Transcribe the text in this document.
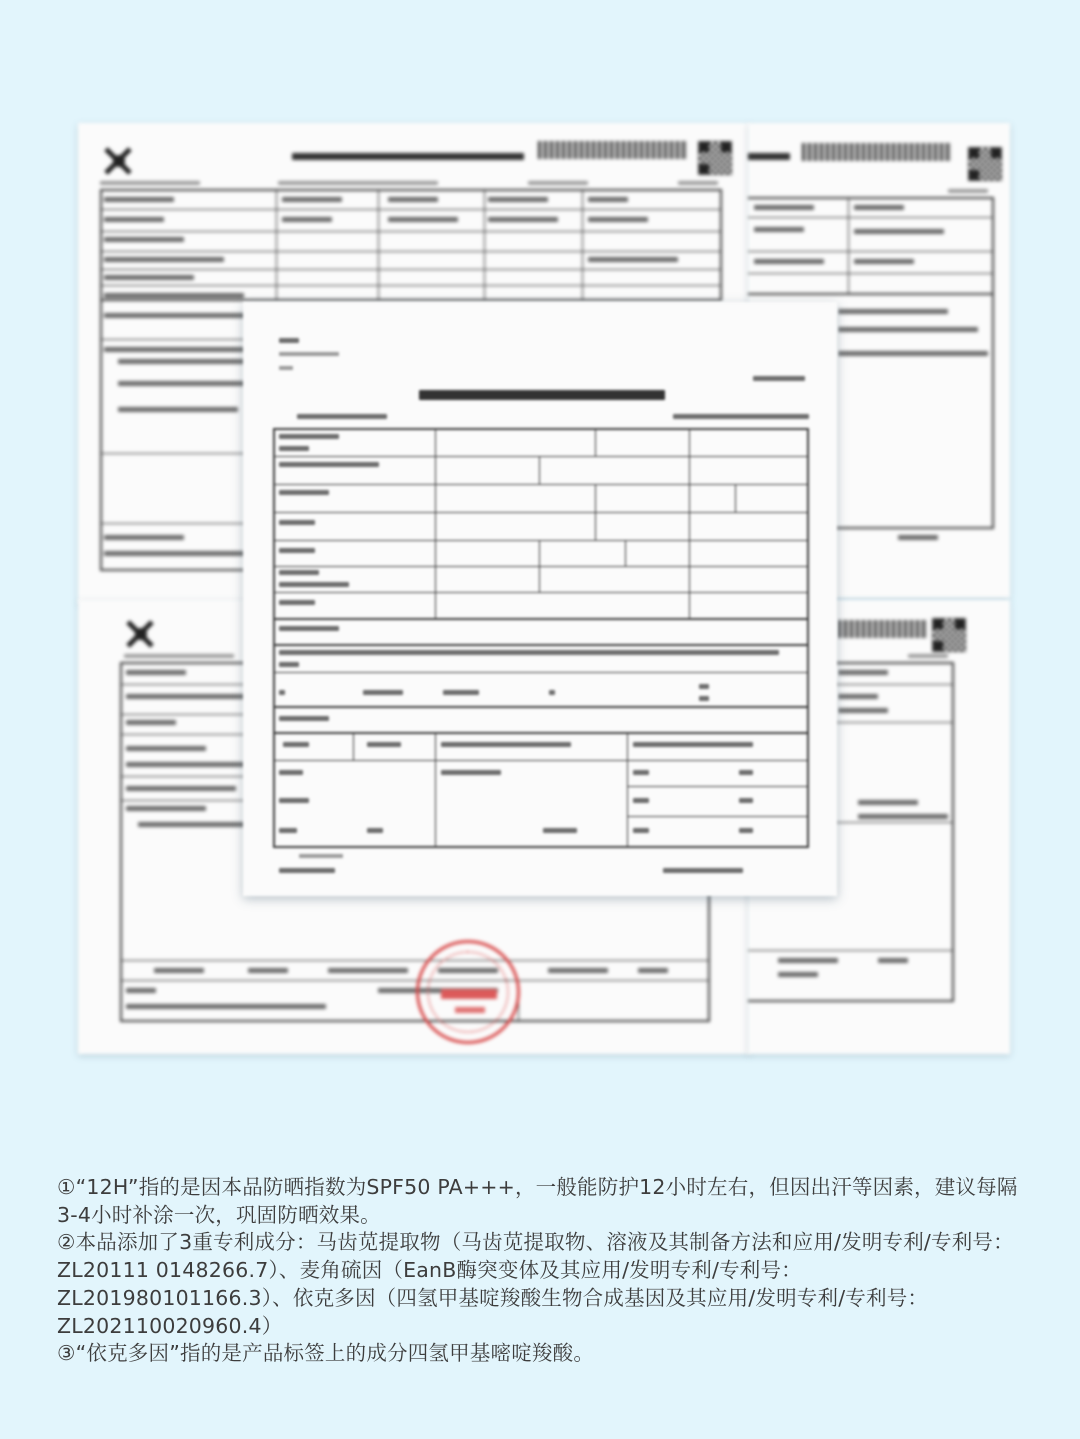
①“12H”指的是因本品防晒指数为SPF50 PA+++，一般能防护12小时左右，但因出汗等因素，建议每隔3-4小时补涂一次，巩固防晒效果。

②本品添加了3重专利成分：马齿苋提取物（马齿苋提取物、溶液及其制备方法和应用/发明专利/专利号：ZL20111 0148266.7）、麦角硫因（EanB酶突变体及其应用/发明专利/专利号：ZL201980101166.3）、依克多因（四氢甲基啶羧酸生物合成基因及其应用/发明专利/专利号：ZL202110020960.4）

③“依克多因”指的是产品标签上的成分四氢甲基嘧啶羧酸。
